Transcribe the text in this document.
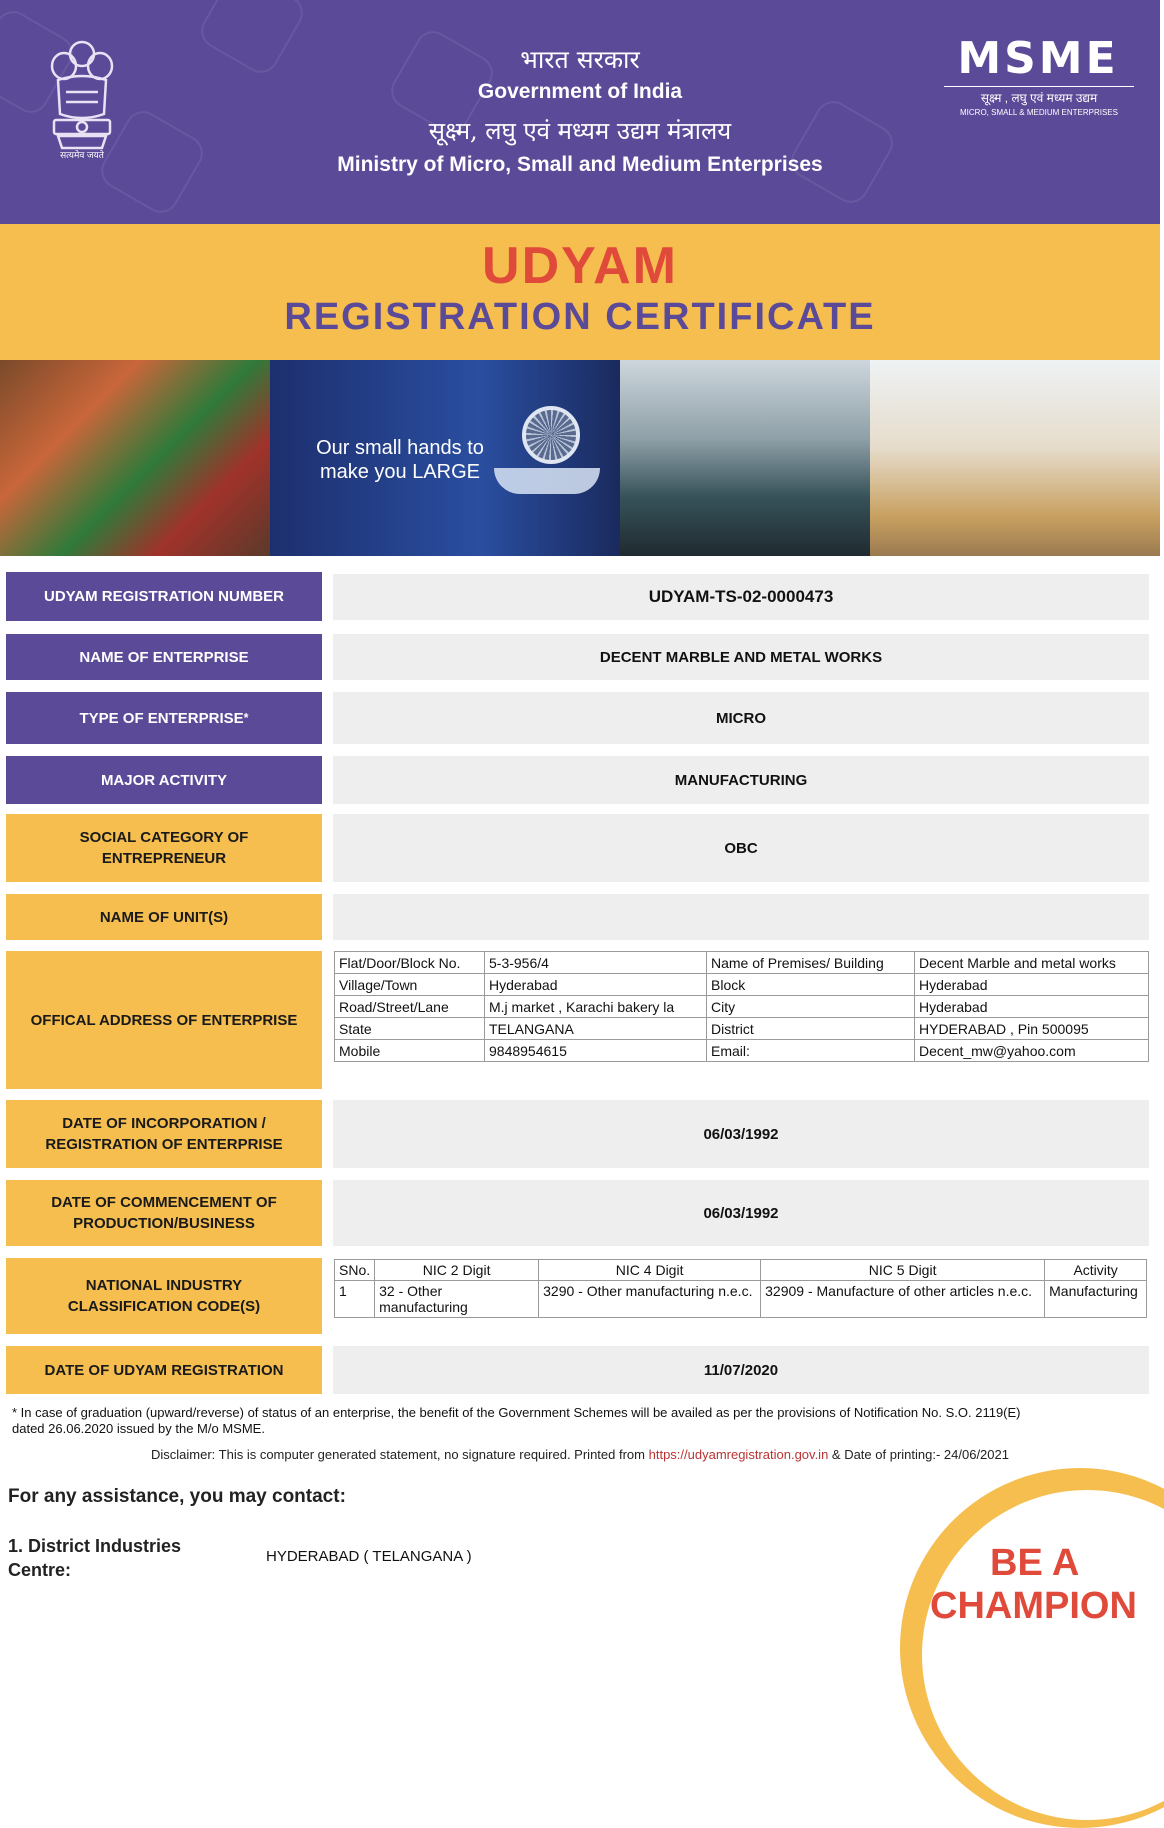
सत्यमेव जयते
भारत सरकार
Government of India
सूक्ष्म, लघु एवं मध्यम उद्यम मंत्रालय
Ministry of Micro, Small and Medium Enterprises
MSME
सूक्ष्म , लघु एवं मध्यम उद्यम
MICRO, SMALL & MEDIUM ENTERPRISES
UDYAM
REGISTRATION CERTIFICATE
Our small hands to
make you LARGE
UDYAM REGISTRATION NUMBER	UDYAM-TS-02-0000473
NAME OF ENTERPRISE	DECENT MARBLE AND METAL WORKS
TYPE OF ENTERPRISE *	MICRO
MAJOR ACTIVITY	MANUFACTURING
SOCIAL CATEGORY OF
ENTREPRENEUR
OBC
NAME OF UNIT(S)
OFFICAL ADDRESS OF ENTERPRISE
Flat/Door/Block No.	5-3-956/4	Name of Premises/ Building	Decent Marble and metal works
Village/Town	Hyderabad	Block	Hyderabad
Road/Street/Lane	M.j market , Karachi bakery la	City	Hyderabad
State	TELANGANA	District	HYDERABAD , Pin 500095
Mobile	9848954615	Email:	Decent_mw@yahoo.com
DATE OF INCORPORATION /
REGISTRATION OF ENTERPRISE
06/03/1992
DATE OF COMMENCEMENT OF
PRODUCTION/BUSINESS
06/03/1992
NATIONAL INDUSTRY
CLASSIFICATION CODE(S)
SNo.	NIC 2 Digit	NIC 4 Digit	NIC 5 Digit	Activity
1	32 - Other manufacturing	3290 - Other manufacturing n.e.c.	32909 - Manufacture of other articles n.e.c.	Manufacturing
DATE OF UDYAM REGISTRATION	11/07/2020
* In case of graduation (upward/reverse) of status of an enterprise, the benefit of the Government Schemes will be availed as per the provisions of Notification No. S.O. 2119(E)
dated 26.06.2020 issued by the M/o MSME.
Disclaimer: This is computer generated statement, no signature required. Printed from https://udyamregistration.gov.in & Date of printing:- 24/06/2021
For any assistance, you may contact:
1. District Industries
Centre:
HYDERABAD ( TELANGANA )	BE A
CHAMPION
